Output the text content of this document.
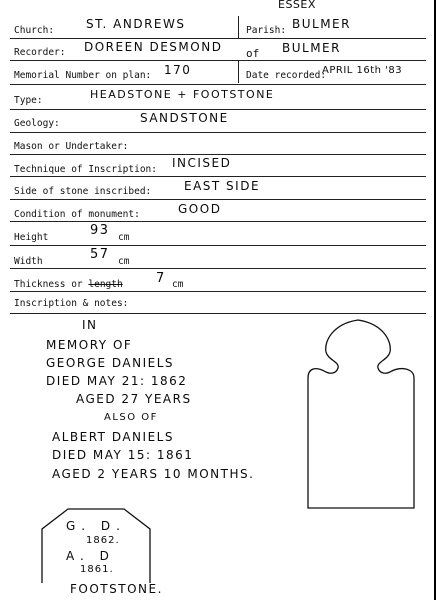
ESSEX
Church:	ST. ANDREWS	Parish: BULMER
Recorder: DOREEN DESMOND of BULMER
Memorial Number on plan: 170	Date recorded:
APRIL 16th '83
Type:	HEADSTONE + FOOTSTONE
Geology:	SANDSTONE
Mason or Undertaker:
Technique of Inscription: INCISED
Side of stone inscribed:	EAST SIDE
Condition of monument:	GOOD
Height	93 cm
Width	57 cm
Thickness or length	7 cm
Inscription & notes:
IN
MEMORY OF
GEORGE DANIELS
DIED MAY 21: 1862
AGED 27 YEARS
ALSO OF
ALBERT DANIELS
DIED MAY 15: 1861
AGED 2 YEARS 10 MONTHS.
G. D.
1862.
A. D
1861.
FOOTSTONE.
